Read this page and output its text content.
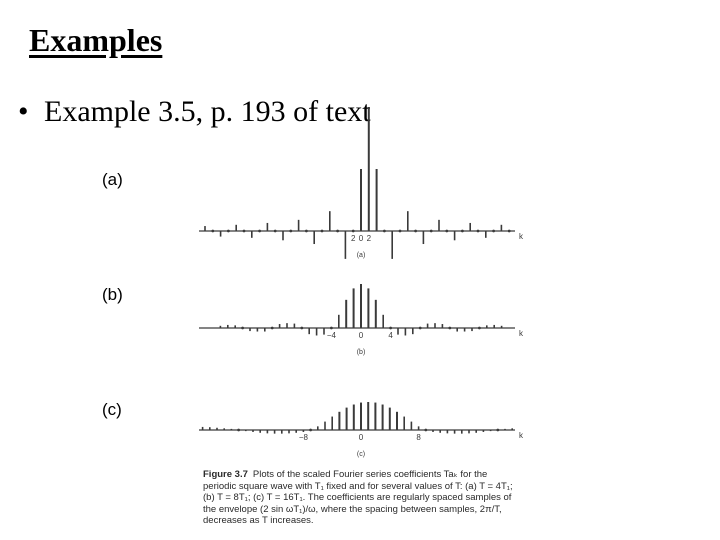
Examples
• Example 3.5, p. 193 of text
(a)
(b)
(c)
2 0 2	k
(a)
−4	0	4	k
(b)
−8	0	8	k
(c)

Figure 3.7 Plots of the scaled Fourier series coefficients Taₖ for the periodic square wave with T₁ fixed and for several values of T: (a) T = 4T₁; (b) T = 8T₁; (c) T = 16T₁. The coefficients are regularly spaced samples of the envelope (2 sin ωT₁)/ω, where the spacing between samples, 2π/T, decreases as T increases.
